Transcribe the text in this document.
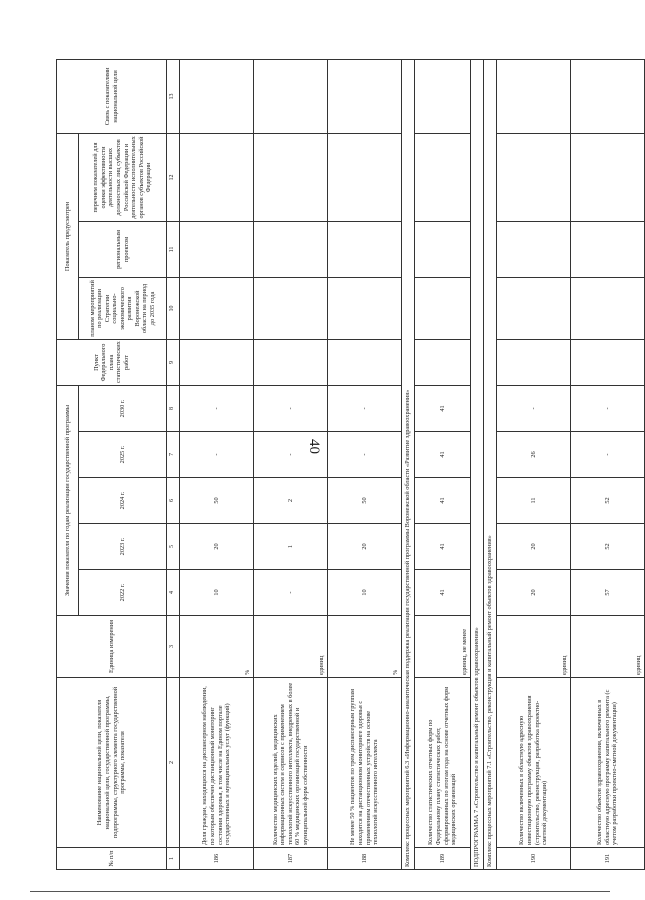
40
№ п/п	Наименование национальной цели, показателя национальной цели, государственной программы, подпрограммы, структурного элемента государственной программы, показателя	Единица измерения	Значения показателя по годам реализации государственной программы					Пункт Федерального плана статистических работ	Показатель предусмотрен			Связь с показателями национальной цели
			2022 г.	2023 г.	2024 г.	2025 г.	2030 г.		планом мероприятий по реализации Стратегии социально-экономического развития Воронежской области на период до 2035 года	региональным проектом	перечнем показателей для оценки эффективности деятельности высших должностных лиц субъектов Российской Федерации и деятельности исполнительных органов субъектов Российской Федерации	
1	2	3	4	5	6	7	8	9	10	11	12	13
186	Доля граждан, находящихся на диспансерном наблюдении, по которым обеспечен дистанционный мониторинг состояния здоровья, в том числе на Едином портале государственных и муниципальных услуг (функций)	%	10	20	50	-	-					
187	Количество медицинских изделий, медицинских информационных систем и сервисов с применением технологий искусственного интеллекта, внедренных в более 60 % медицинских организаций государственной и муниципальной форм собственности	единиц	-	1	2	-	-					
188	Не менее 50 % пациентов по трем диспансерным группам находятся на дистанционном мониторинге здоровья с применением отечественных устройств на основе технологий искусственного интеллекта	%	10	20	50	-	-					
Комплекс процессных мероприятий 6.3 «Информационно-аналитическая поддержка реализации государственной программы Воронежской области «Развитие здравоохранения»												
189	Количество статистических отчетных форм по Федеральному плану статистических работ, сформированных по итогам года на основе отчетных форм медицинских организаций	единиц, не менее	41	41	41	41	41					
ПОДПРОГРАММА 7 «Строительство и капитальный ремонт объектов здравоохранения»												
Комплекс процессных мероприятий 7.1 «Строительство, реконструкция и капитальный ремонт объектов здравоохранения»												
190	Количество включенных в областную адресную инвестиционную программу объектов здравоохранения (строительство, реконструкция, разработка проектно-сметной документации)	единиц	20	20	11	26	-					
191	Количество объектов здравоохранения, включенных в областную адресную программу капитального ремонта (с учетом разработки проектно-сметной документации)	единиц	57	52	52	-	-					
